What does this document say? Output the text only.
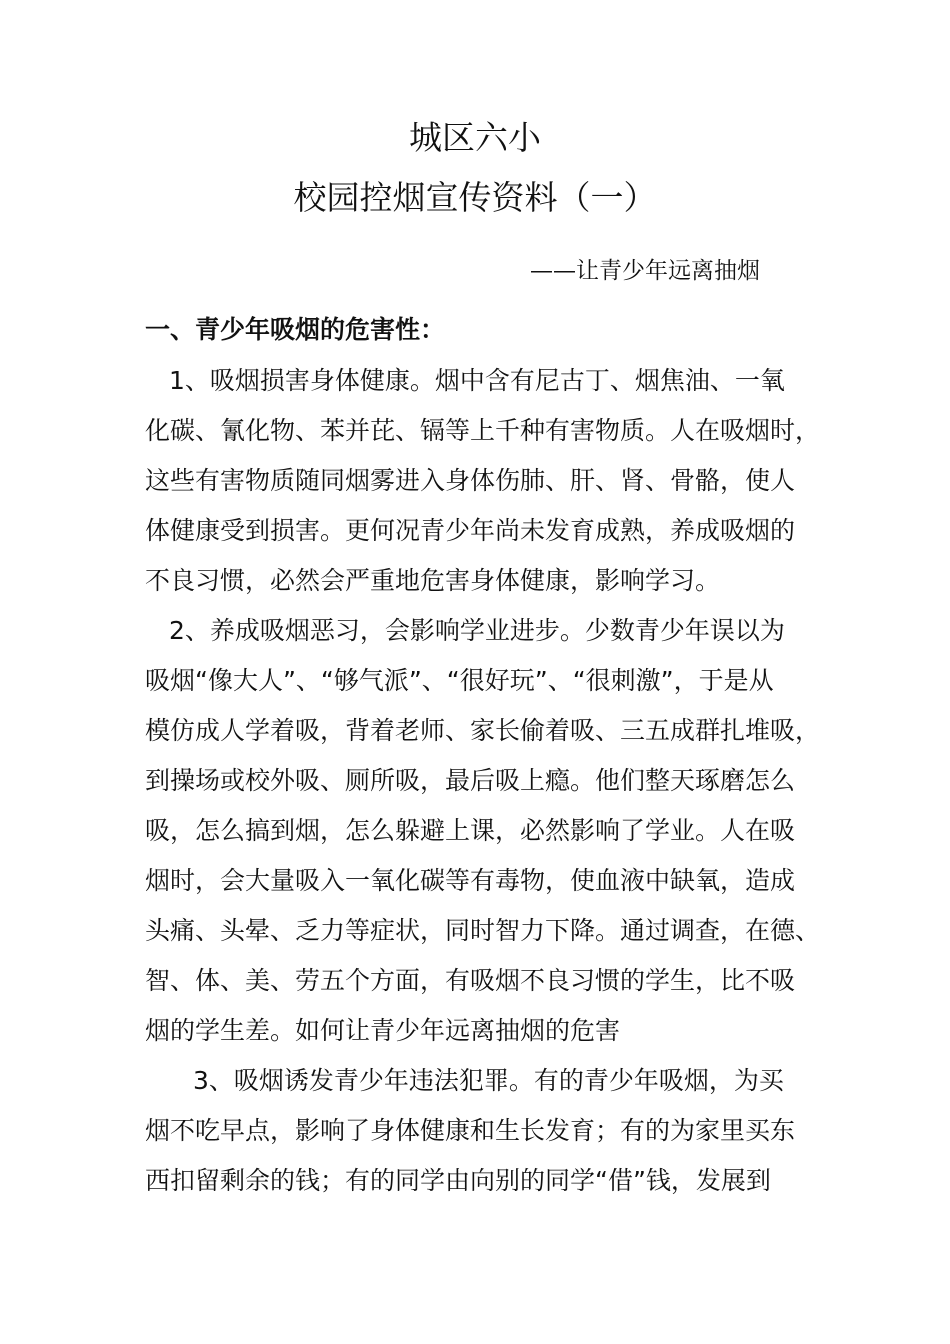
城区六小
校园控烟宣传资料（一）
——让青少年远离抽烟
一、青少年吸烟的危害性：
1、吸烟损害身体健康。烟中含有尼古丁、烟焦油、一氧
化碳、氰化物、苯并芘、镉等上千种有害物质。人在吸烟时，
这些有害物质随同烟雾进入身体伤肺、肝、肾、骨骼，使人
体健康受到损害。更何况青少年尚未发育成熟，养成吸烟的
不良习惯，必然会严重地危害身体健康，影响学习。
2、养成吸烟恶习，会影响学业进步。少数青少年误以为
吸烟“像大人”、“够气派”、“很好玩”、“很刺激”，于是从
模仿成人学着吸，背着老师、家长偷着吸、三五成群扎堆吸，
到操场或校外吸、厕所吸，最后吸上瘾。他们整天琢磨怎么
吸，怎么搞到烟，怎么躲避上课，必然影响了学业。人在吸
烟时，会大量吸入一氧化碳等有毒物，使血液中缺氧，造成
头痛、头晕、乏力等症状，同时智力下降。通过调查，在德、
智、体、美、劳五个方面，有吸烟不良习惯的学生，比不吸
烟的学生差。如何让青少年远离抽烟的危害
3、吸烟诱发青少年违法犯罪。有的青少年吸烟，为买
烟不吃早点，影响了身体健康和生长发育；有的为家里买东
西扣留剩余的钱；有的同学由向别的同学“借”钱，发展到
